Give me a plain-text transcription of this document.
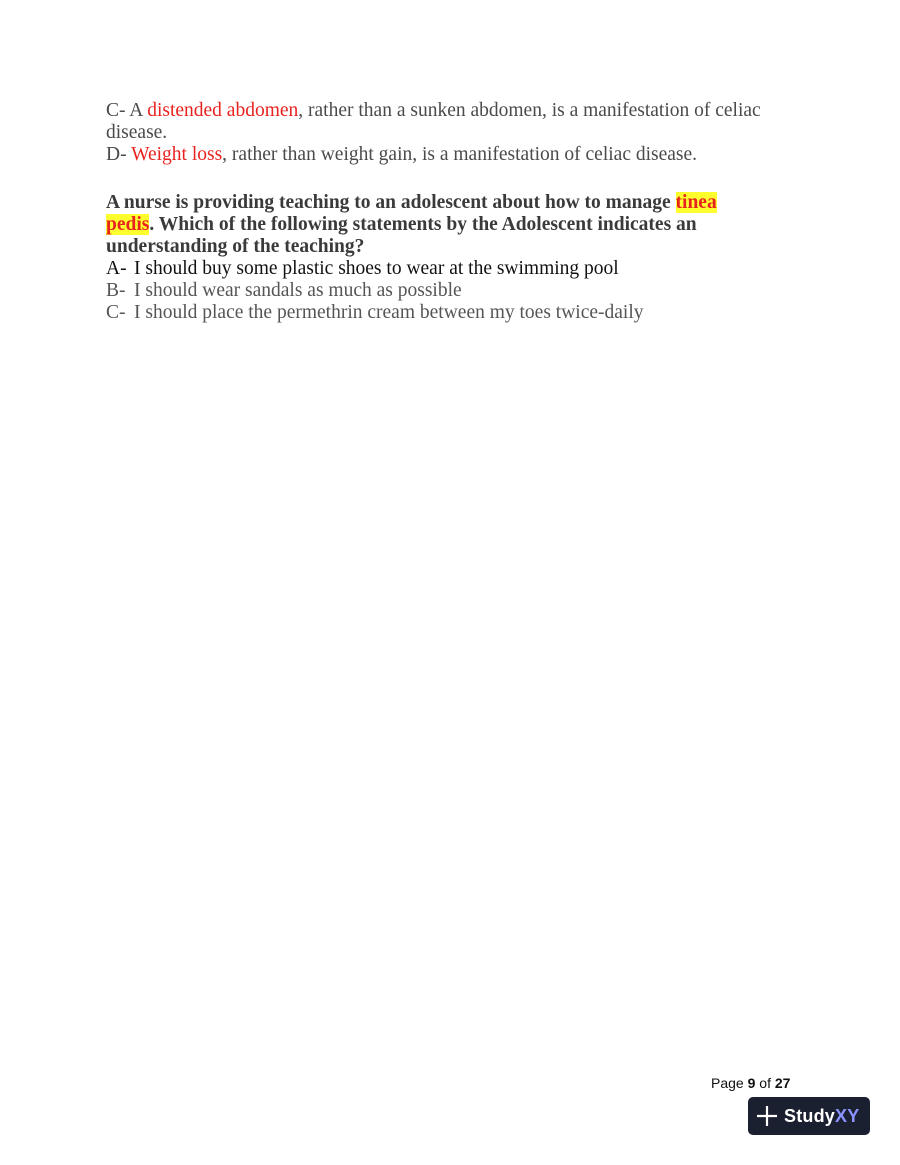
C- A distended abdomen, rather than a sunken abdomen, is a manifestation of celiac

disease.

D- Weight loss, rather than weight gain, is a manifestation of celiac disease.

A nurse is providing teaching to an adolescent about how to manage tinea

pedis. Which of the following statements by the Adolescent indicates an

understanding of the teaching?

A- I should buy some plastic shoes to wear at the swimming pool

B- I should wear sandals as much as possible

C- I should place the permethrin cream between my toes twice-daily

Page 9 of 27
StudyXY
